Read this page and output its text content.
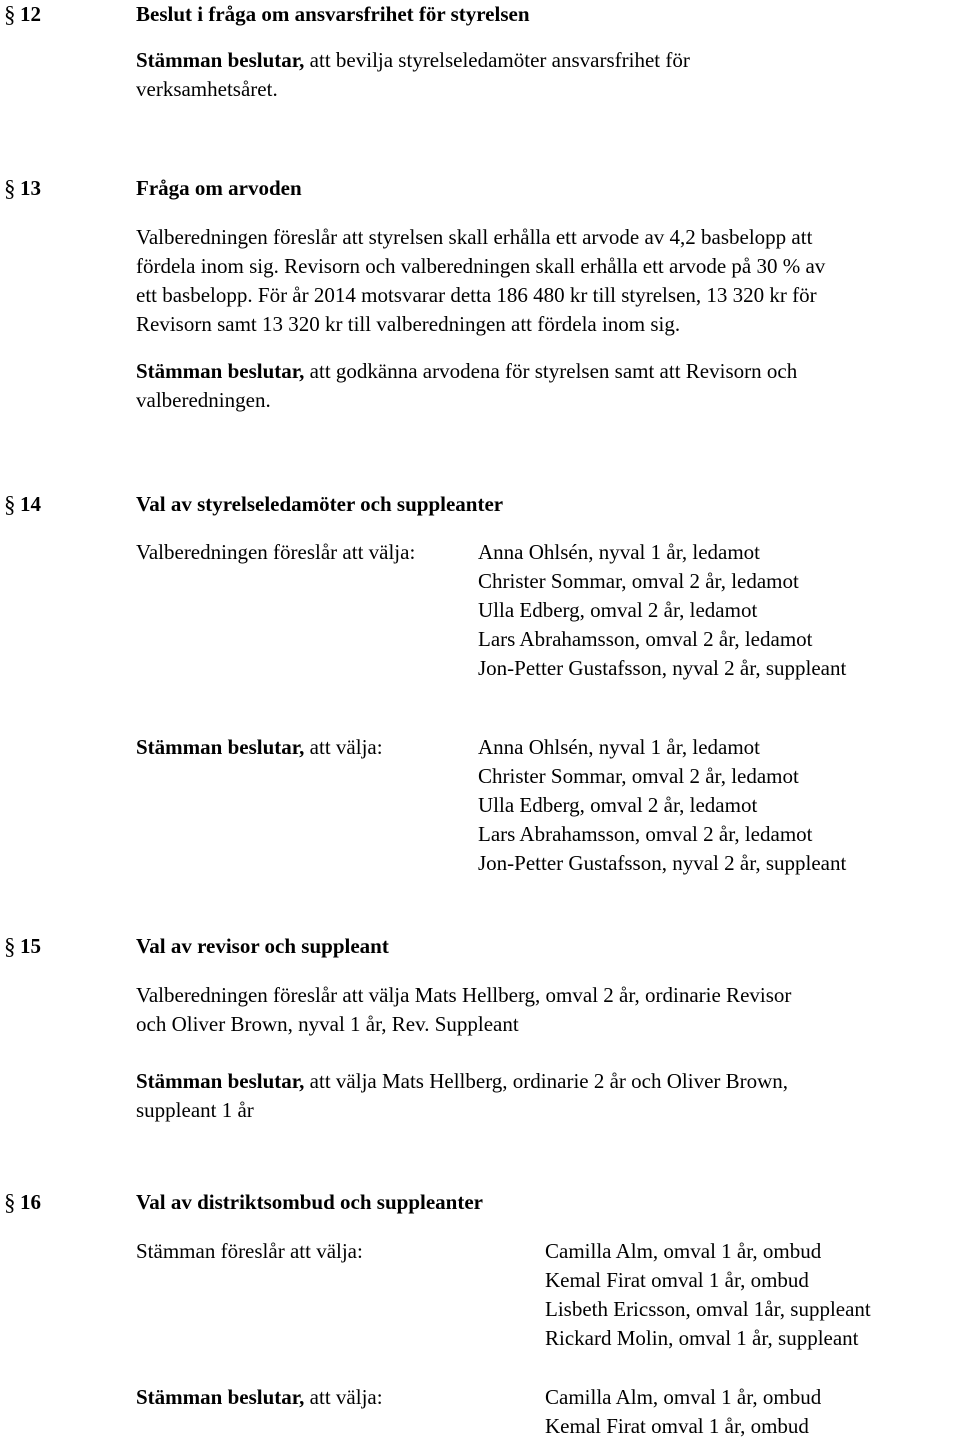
§ 12	Beslut i fråga om ansvarsfrihet för styrelsen
Stämman beslutar, att bevilja styrelseledamöter ansvarsfrihet för
verksamhetsåret.
§ 13	Fråga om arvoden
Valberedningen föreslår att styrelsen skall erhålla ett arvode av 4,2 basbelopp att
fördela inom sig. Revisorn och valberedningen skall erhålla ett arvode på 30 % av
ett basbelopp. För år 2014 motsvarar detta 186 480 kr till styrelsen, 13 320 kr för
Revisorn samt 13 320 kr till valberedningen att fördela inom sig.
Stämman beslutar, att godkänna arvodena för styrelsen samt att Revisorn och
valberedningen.
§ 14	Val av styrelseledamöter och suppleanter
Valberedningen föreslår att välja:	Anna Ohlsén, nyval 1 år, ledamot
Christer Sommar, omval 2 år, ledamot
Ulla Edberg, omval 2 år, ledamot
Lars Abrahamsson, omval 2 år, ledamot
Jon-Petter Gustafsson, nyval 2 år, suppleant
Stämman beslutar, att välja:	Anna Ohlsén, nyval 1 år, ledamot
Christer Sommar, omval 2 år, ledamot
Ulla Edberg, omval 2 år, ledamot
Lars Abrahamsson, omval 2 år, ledamot
Jon-Petter Gustafsson, nyval 2 år, suppleant
§ 15	Val av revisor och suppleant
Valberedningen föreslår att välja Mats Hellberg, omval 2 år, ordinarie Revisor
och Oliver Brown, nyval 1 år, Rev. Suppleant
Stämman beslutar, att välja Mats Hellberg, ordinarie 2 år och Oliver Brown,
suppleant 1 år
§ 16	Val av distriktsombud och suppleanter
Stämman föreslår att välja:	Camilla Alm, omval 1 år, ombud
Kemal Firat omval 1 år, ombud
Lisbeth Ericsson, omval 1år, suppleant
Rickard Molin, omval 1 år, suppleant
Stämman beslutar, att välja:	Camilla Alm, omval 1 år, ombud
Kemal Firat omval 1 år, ombud
